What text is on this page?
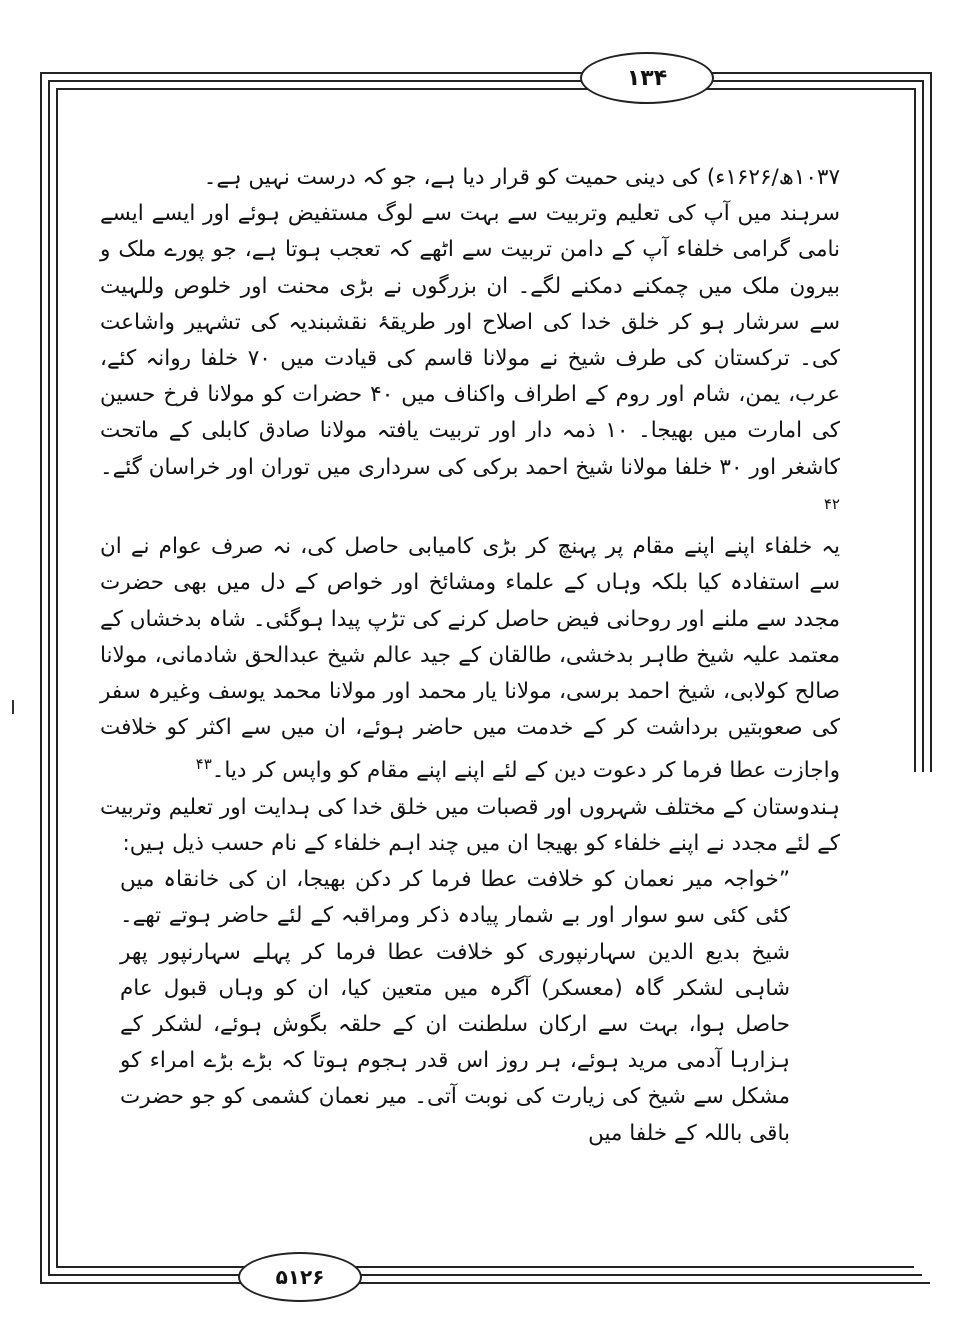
۱۳۴

۱۰۳۷ھ/۱۶۲۶ء) کی دینی حمیت کو قرار دیا ہے، جو کہ درست نہیں ہے۔

سرہند میں آپ کی تعلیم وتربیت سے بہت سے لوگ مستفیض ہوئے اور ایسے ایسے نامی گرامی خلفاء آپ کے دامن تربیت سے اٹھے کہ تعجب ہوتا ہے، جو پورے ملک و بیرون ملک میں چمکنے دمکنے لگے۔ ان بزرگوں نے بڑی محنت اور خلوص وللہیت سے سرشار ہو کر خلق خدا کی اصلاح اور طریقۂ نقشبندیہ کی تشہیر واشاعت کی۔ ترکستان کی طرف شیخ نے مولانا قاسم کی قیادت میں ۷۰ خلفا روانہ کئے، عرب، یمن، شام اور روم کے اطراف واکناف میں ۴۰ حضرات کو مولانا فرخ حسین کی امارت میں بھیجا۔ ۱۰ ذمہ دار اور تربیت یافتہ مولانا صادق کابلی کے ماتحت کاشغر اور ۳۰ خلفا مولانا شیخ احمد برکی کی سرداری میں توران اور خراسان گئے۔$^{۴۲}$

یہ خلفاء اپنے اپنے مقام پر پہنچ کر بڑی کامیابی حاصل کی، نہ صرف عوام نے ان سے استفادہ کیا بلکہ وہاں کے علماء ومشائخ اور خواص کے دل میں بھی حضرت مجدد سے ملنے اور روحانی فیض حاصل کرنے کی تڑپ پیدا ہوگئی۔ شاہ بدخشاں کے معتمد علیہ شیخ طاہر بدخشی، طالقان کے جید عالم شیخ عبدالحق شادمانی، مولانا صالح کولابی، شیخ احمد برسی، مولانا یار محمد اور مولانا محمد یوسف وغیرہ سفر کی صعوبتیں برداشت کر کے خدمت میں حاضر ہوئے، ان میں سے اکثر کو خلافت واجازت عطا فرما کر دعوت دین کے لئے اپنے اپنے مقام کو واپس کر دیا۔$^{۴۳}$

ہندوستان کے مختلف شہروں اور قصبات میں خلق خدا کی ہدایت اور تعلیم وتربیت کے لئے مجدد نے اپنے خلفاء کو بھیجا ان میں چند اہم خلفاء کے نام حسب ذیل ہیں:

”خواجہ میر نعمان کو خلافت عطا فرما کر دکن بھیجا، ان کی خانقاہ میں کئی کئی سو سوار اور بے شمار پیادہ ذکر ومراقبہ کے لئے حاضر ہوتے تھے۔ شیخ بدیع الدین سہارنپوری کو خلافت عطا فرما کر پہلے سہارنپور پھر شاہی لشکر گاہ (معسکر) آگرہ میں متعین کیا، ان کو وہاں قبول عام حاصل ہوا، بہت سے ارکان سلطنت ان کے حلقہ بگوش ہوئے، لشکر کے ہزارہا آدمی مرید ہوئے، ہر روز اس قدر ہجوم ہوتا کہ بڑے بڑے امراء کو مشکل سے شیخ کی زیارت کی نوبت آتی۔ میر نعمان کشمی کو جو حضرت باقی باللہ کے خلفا میں

۵۱۲۶
